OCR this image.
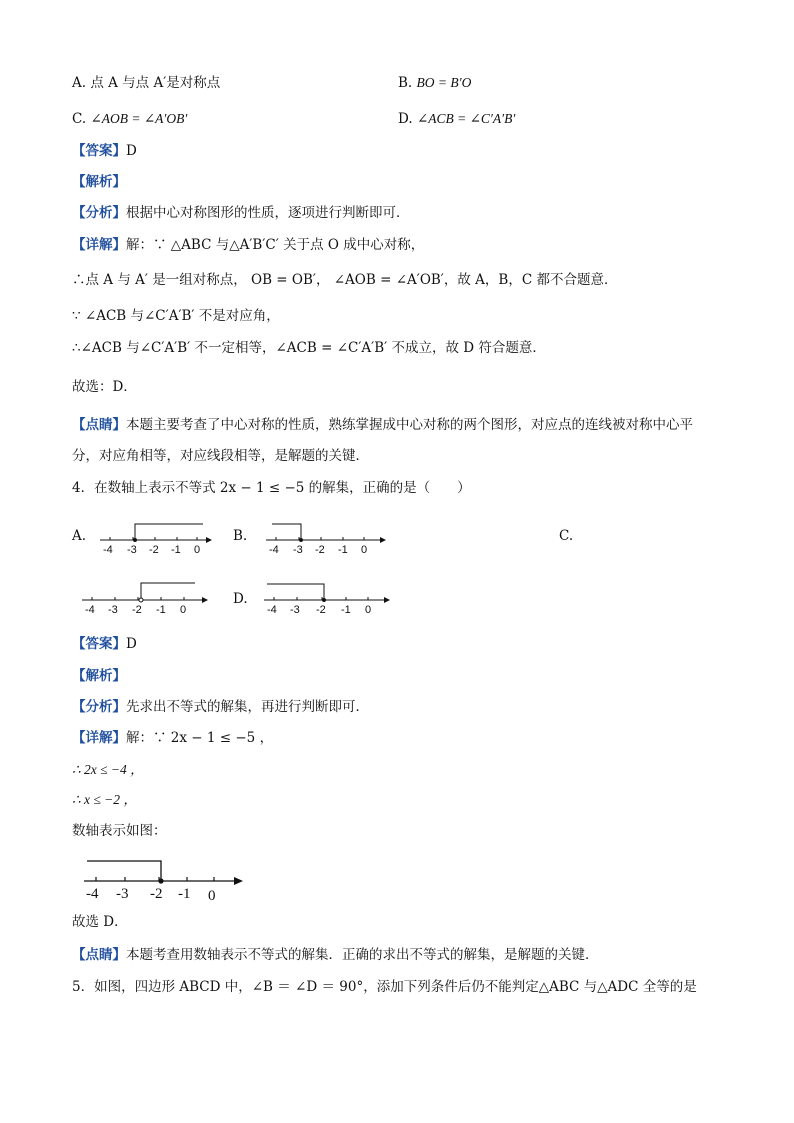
A. 点 A 与点 A′是对称点	B. BO = B′O
C. ∠AOB = ∠A′OB′	D. ∠ACB = ∠C′A′B′
【答案】D
【解析】
【分析】根据中心对称图形的性质，逐项进行判断即可．
【详解】解：∵ △ABC 与△A′B′C′ 关于点 O 成中心对称，
∴点 A 与 A′ 是一组对称点， OB = OB′， ∠AOB = ∠A′OB′，故 A，B，C 都不合题意．
∵ ∠ACB 与∠C′A′B′ 不是对应角，
∴∠ACB 与∠C′A′B′ 不一定相等，∠ACB = ∠C′A′B′ 不成立，故 D 符合题意．
故选：D．
【点睛】本题主要考查了中心对称的性质，熟练掌握成中心对称的两个图形，对应点的连线被对称中心平
分，对应角相等，对应线段相等，是解题的关键．
4．在数轴上表示不等式 2x − 1 ≤ −5 的解集，正确的是（　　）
A.
-4 -3 -2 -1 0
B.
-4 -3 -2 -1 0
C.
-4 -3 -2 -1 0
D.
-4 -3 -2 -1 0
【答案】D
【解析】
【分析】先求出不等式的解集，再进行判断即可．
【详解】解：∵ 2x − 1 ≤ −5 ，
∴ 2x ≤ −4 ，
∴ x ≤ −2 ，
数轴表示如图：
-4 -3 -2 -1 0
故选 D．
【点睛】本题考查用数轴表示不等式的解集．正确的求出不等式的解集，是解题的关键．
5．如图，四边形 ABCD 中，∠B ＝ ∠D ＝ 90°，添加下列条件后仍不能判定△ABC 与△ADC 全等的是
